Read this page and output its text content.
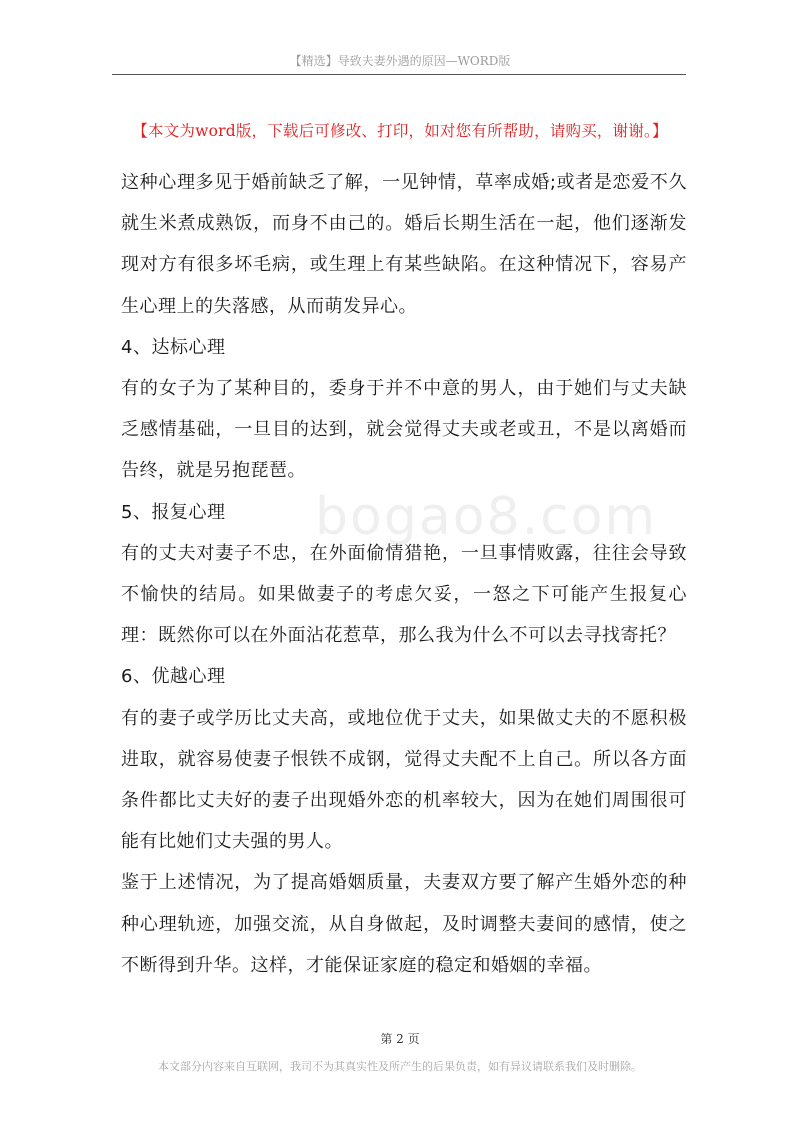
【精选】导致夫妻外遇的原因—WORD版
【本文为word版，下载后可修改、打印，如对您有所帮助，请购买，谢谢。】

这种心理多见于婚前缺乏了解，一见钟情，草率成婚;或者是恋爱不久就生米煮成熟饭，而身不由己的。婚后长期生活在一起，他们逐渐发现对方有很多坏毛病，或生理上有某些缺陷。在这种情况下，容易产生心理上的失落感，从而萌发异心。

4、达标心理

有的女子为了某种目的，委身于并不中意的男人，由于她们与丈夫缺乏感情基础，一旦目的达到，就会觉得丈夫或老或丑，不是以离婚而告终，就是另抱琵琶。

5、报复心理

有的丈夫对妻子不忠，在外面偷情猎艳，一旦事情败露，往往会导致不愉快的结局。如果做妻子的考虑欠妥，一怒之下可能产生报复心理：既然你可以在外面沾花惹草，那么我为什么不可以去寻找寄托？

6、优越心理

有的妻子或学历比丈夫高，或地位优于丈夫，如果做丈夫的不愿积极进取，就容易使妻子恨铁不成钢，觉得丈夫配不上自己。所以各方面条件都比丈夫好的妻子出现婚外恋的机率较大，因为在她们周围很可能有比她们丈夫强的男人。

鉴于上述情况，为了提高婚姻质量，夫妻双方要了解产生婚外恋的种种心理轨迹，加强交流，从自身做起，及时调整夫妻间的感情，使之不断得到升华。这样，才能保证家庭的稳定和婚姻的幸福。

bogao8.com
第 2 页
本文部分内容来自互联网，我司不为其真实性及所产生的后果负责，如有异议请联系我们及时删除。
